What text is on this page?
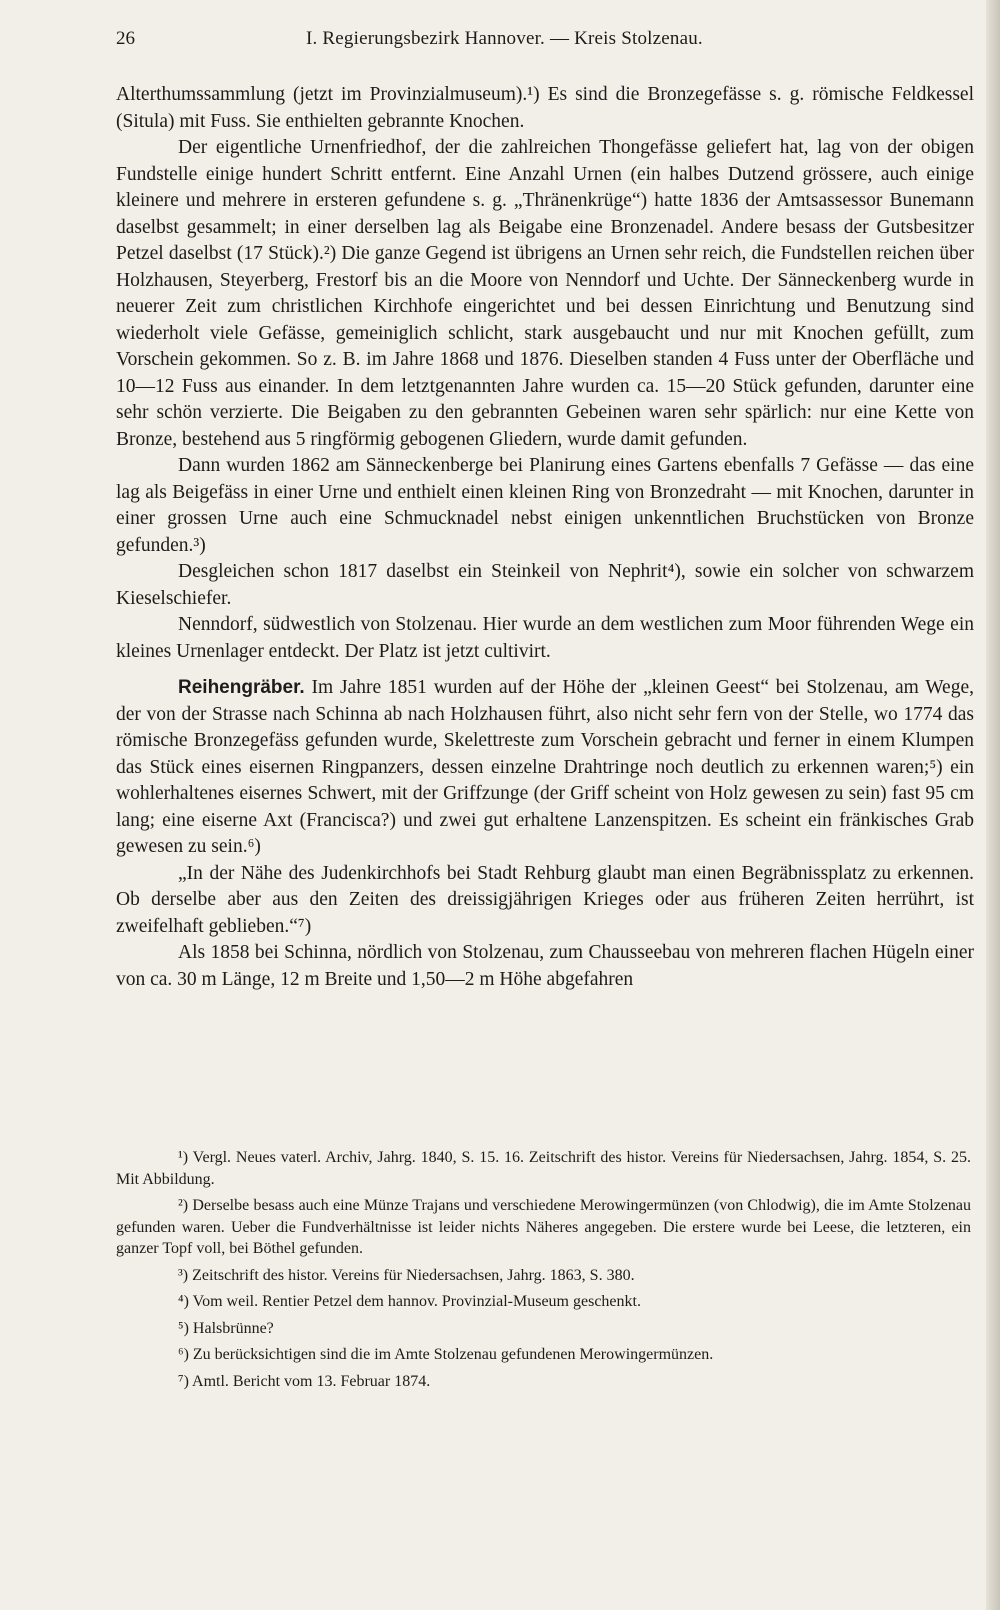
26	I. Regierungsbezirk Hannover. — Kreis Stolzenau.

Alterthumssammlung (jetzt im Provinzialmuseum).¹) Es sind die Bronzegefässe s. g. römische Feldkessel (Situla) mit Fuss. Sie enthielten gebrannte Knochen.

Der eigentliche Urnenfriedhof, der die zahlreichen Thongefässe geliefert hat, lag von der obigen Fundstelle einige hundert Schritt entfernt. Eine Anzahl Urnen (ein halbes Dutzend grössere, auch einige kleinere und mehrere in ersteren gefundene s. g. „Thränenkrüge“) hatte 1836 der Amtsassessor Bunemann daselbst gesammelt; in einer derselben lag als Beigabe eine Bronzenadel. Andere besass der Gutsbesitzer Petzel daselbst (17 Stück).²) Die ganze Gegend ist übrigens an Urnen sehr reich, die Fundstellen reichen über Holzhausen, Steyerberg, Frestorf bis an die Moore von Nenndorf und Uchte. Der Sänneckenberg wurde in neuerer Zeit zum christlichen Kirchhofe eingerichtet und bei dessen Einrichtung und Benutzung sind wiederholt viele Gefässe, gemeiniglich schlicht, stark ausgebaucht und nur mit Knochen gefüllt, zum Vorschein gekommen. So z. B. im Jahre 1868 und 1876. Dieselben standen 4 Fuss unter der Oberfläche und 10—12 Fuss aus einander. In dem letztgenannten Jahre wurden ca. 15—20 Stück gefunden, darunter eine sehr schön verzierte. Die Beigaben zu den gebrannten Gebeinen waren sehr spärlich: nur eine Kette von Bronze, bestehend aus 5 ringförmig gebogenen Gliedern, wurde damit gefunden.

Dann wurden 1862 am Sänneckenberge bei Planirung eines Gartens ebenfalls 7 Gefässe — das eine lag als Beigefäss in einer Urne und enthielt einen kleinen Ring von Bronzedraht — mit Knochen, darunter in einer grossen Urne auch eine Schmucknadel nebst einigen unkenntlichen Bruchstücken von Bronze gefunden.³)

Desgleichen schon 1817 daselbst ein Steinkeil von Nephrit⁴), sowie ein solcher von schwarzem Kieselschiefer.

Nenndorf, südwestlich von Stolzenau. Hier wurde an dem westlichen zum Moor führenden Wege ein kleines Urnenlager entdeckt. Der Platz ist jetzt cultivirt.

Reihengräber. Im Jahre 1851 wurden auf der Höhe der „kleinen Geest“ bei Stolzenau, am Wege, der von der Strasse nach Schinna ab nach Holzhausen führt, also nicht sehr fern von der Stelle, wo 1774 das römische Bronzegefäss gefunden wurde, Skelettreste zum Vorschein gebracht und ferner in einem Klumpen das Stück eines eisernen Ringpanzers, dessen einzelne Drahtringe noch deutlich zu erkennen waren;⁵) ein wohlerhaltenes eisernes Schwert, mit der Griffzunge (der Griff scheint von Holz gewesen zu sein) fast 95 cm lang; eine eiserne Axt (Francisca?) und zwei gut erhaltene Lanzenspitzen. Es scheint ein fränkisches Grab gewesen zu sein.⁶)

„In der Nähe des Judenkirchhofs bei Stadt Rehburg glaubt man einen Begräbnissplatz zu erkennen. Ob derselbe aber aus den Zeiten des dreissigjährigen Krieges oder aus früheren Zeiten herrührt, ist zweifelhaft geblieben.“⁷)

Als 1858 bei Schinna, nördlich von Stolzenau, zum Chausseebau von mehreren flachen Hügeln einer von ca. 30 m Länge, 12 m Breite und 1,50—2 m Höhe abgefahren

¹) Vergl. Neues vaterl. Archiv, Jahrg. 1840, S. 15. 16. Zeitschrift des histor. Vereins für Niedersachsen, Jahrg. 1854, S. 25. Mit Abbildung.

²) Derselbe besass auch eine Münze Trajans und verschiedene Merowingermünzen (von Chlodwig), die im Amte Stolzenau gefunden waren. Ueber die Fundverhältnisse ist leider nichts Näheres angegeben. Die erstere wurde bei Leese, die letzteren, ein ganzer Topf voll, bei Böthel gefunden.

³) Zeitschrift des histor. Vereins für Niedersachsen, Jahrg. 1863, S. 380.

⁴) Vom weil. Rentier Petzel dem hannov. Provinzial-Museum geschenkt.

⁵) Halsbrünne?

⁶) Zu berücksichtigen sind die im Amte Stolzenau gefundenen Merowingermünzen.

⁷) Amtl. Bericht vom 13. Februar 1874.
